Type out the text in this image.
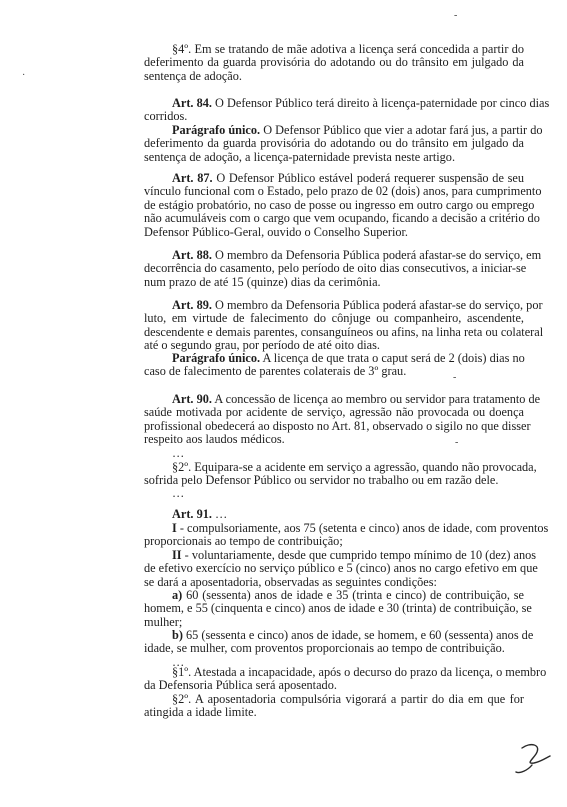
-
·
§4º. Em se tratando de mãe adotiva a licença será concedida a partir do
deferimento da guarda provisória do adotando ou do trânsito em julgado da
sentença de adoção.
Art. 84. O Defensor Público terá direito à licença-paternidade por cinco dias
corridos.
Parágrafo único. O Defensor Público que vier a adotar fará jus, a partir do
deferimento da guarda provisória do adotando ou do trânsito em julgado da
sentença de adoção, a licença-paternidade prevista neste artigo.
Art. 87. O Defensor Público estável poderá requerer suspensão de seu
vínculo funcional com o Estado, pelo prazo de 02 (dois) anos, para cumprimento
de estágio probatório, no caso de posse ou ingresso em outro cargo ou emprego
não acumuláveis com o cargo que vem ocupando, ficando a decisão a critério do
Defensor Público-Geral, ouvido o Conselho Superior.
Art. 88. O membro da Defensoria Pública poderá afastar-se do serviço, em
decorrência do casamento, pelo período de oito dias consecutivos, a iniciar-se
num prazo de até 15 (quinze) dias da cerimônia.
Art. 89. O membro da Defensoria Pública poderá afastar-se do serviço, por
luto, em virtude de falecimento do cônjuge ou companheiro, ascendente,
descendente e demais parentes, consanguíneos ou afins, na linha reta ou colateral
até o segundo grau, por período de até oito dias.
Parágrafo único. A licença de que trata o caput será de 2 (dois) dias no
caso de falecimento de parentes colaterais de 3º grau.	-
Art. 90. A concessão de licença ao membro ou servidor para tratamento de
saúde motivada por acidente de serviço, agressão não provocada ou doença
profissional obedecerá ao disposto no Art. 81, observado o sigilo no que disser
respeito aos laudos médicos.	-
…
§2º. Equipara-se a acidente em serviço a agressão, quando não provocada,
sofrida pelo Defensor Público ou servidor no trabalho ou em razão dele.
…
Art. 91. …
I - compulsoriamente, aos 75 (setenta e cinco) anos de idade, com proventos
proporcionais ao tempo de contribuição;
II - voluntariamente, desde que cumprido tempo mínimo de 10 (dez) anos
de efetivo exercício no serviço público e 5 (cinco) anos no cargo efetivo em que
se dará a aposentadoria, observadas as seguintes condições:
a) 60 (sessenta) anos de idade e 35 (trinta e cinco) de contribuição, se
homem, e 55 (cinquenta e cinco) anos de idade e 30 (trinta) de contribuição, se
mulher;
b) 65 (sessenta e cinco) anos de idade, se homem, e 60 (sessenta) anos de
idade, se mulher, com proventos proporcionais ao tempo de contribuição.
…
§1º. Atestada a incapacidade, após o decurso do prazo da licença, o membro
da Defensoria Pública será aposentado.
§2º. A aposentadoria compulsória vigorará a partir do dia em que for
atingida a idade limite.
